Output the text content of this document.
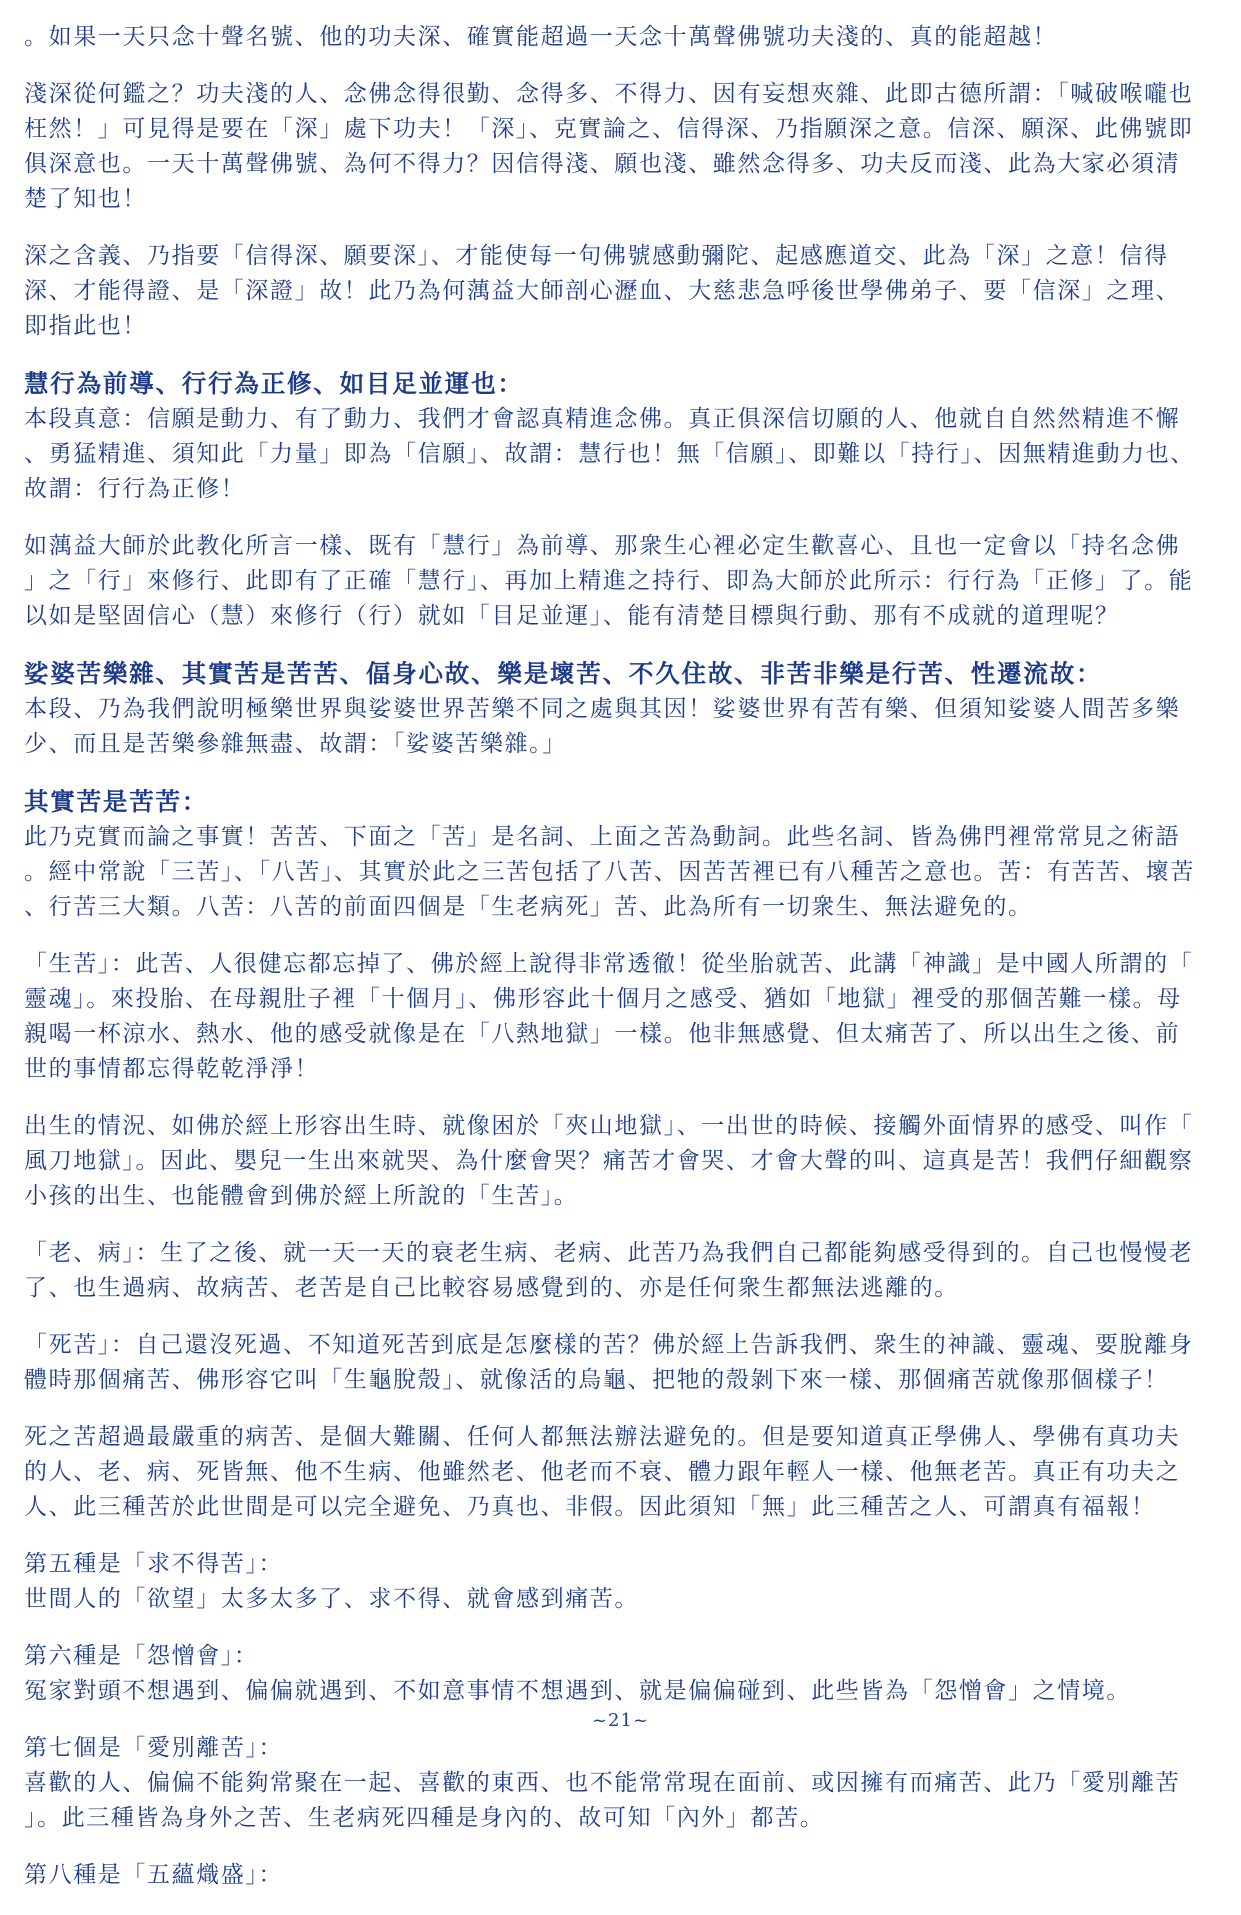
。如果一天只念十聲名號、他的功夫深、確實能超過一天念十萬聲佛號功夫淺的、真的能超越！
淺深從何鑑之？功夫淺的人、念佛念得很勤、念得多、不得力、因有妄想夾雜、此即古德所謂：「喊破喉嚨也
枉然！」可見得是要在「深」處下功夫！「深」、克實論之、信得深、乃指願深之意。信深、願深、此佛號即
俱深意也。一天十萬聲佛號、為何不得力？因信得淺、願也淺、雖然念得多、功夫反而淺、此為大家必須清
楚了知也！
深之含義、乃指要「信得深、願要深」、才能使每一句佛號感動彌陀、起感應道交、此為「深」之意！信得
深、才能得證、是「深證」故！此乃為何蕅益大師剖心瀝血、大慈悲急呼後世學佛弟子、要「信深」之理、
即指此也！
慧行為前導、行行為正修、如目足並運也：
本段真意：信願是動力、有了動力、我們才會認真精進念佛。真正俱深信切願的人、他就自自然然精進不懈
、勇猛精進、須知此「力量」即為「信願」、故謂：慧行也！無「信願」、即難以「持行」、因無精進動力也、
故謂：行行為正修！
如蕅益大師於此教化所言一樣、既有「慧行」為前導、那衆生心裡必定生歡喜心、且也一定會以「持名念佛
」之「行」來修行、此即有了正確「慧行」、再加上精進之持行、即為大師於此所示：行行為「正修」了。能
以如是堅固信心（慧）來修行（行）就如「目足並運」、能有清楚目標與行動、那有不成就的道理呢？
娑婆苦樂雜、其實苦是苦苦、偪身心故、樂是壞苦、不久住故、非苦非樂是行苦、性遷流故：
本段、乃為我們說明極樂世界與娑婆世界苦樂不同之處與其因！娑婆世界有苦有樂、但須知娑婆人間苦多樂
少、而且是苦樂參雜無盡、故謂：「娑婆苦樂雜。」
其實苦是苦苦：
此乃克實而論之事實！苦苦、下面之「苦」是名詞、上面之苦為動詞。此些名詞、皆為佛門裡常常見之術語
。經中常說「三苦」、「八苦」、其實於此之三苦包括了八苦、因苦苦裡已有八種苦之意也。苦：有苦苦、壞苦
、行苦三大類。八苦：八苦的前面四個是「生老病死」苦、此為所有一切衆生、無法避免的。
「生苦」：此苦、人很健忘都忘掉了、佛於經上說得非常透徹！從坐胎就苦、此講「神識」是中國人所謂的「
靈魂」。來投胎、在母親肚子裡「十個月」、佛形容此十個月之感受、猶如「地獄」裡受的那個苦難一樣。母
親喝一杯涼水、熱水、他的感受就像是在「八熱地獄」一樣。他非無感覺、但太痛苦了、所以出生之後、前
世的事情都忘得乾乾淨淨！
出生的情況、如佛於經上形容出生時、就像困於「夾山地獄」、一出世的時候、接觸外面情界的感受、叫作「
風刀地獄」。因此、嬰兒一生出來就哭、為什麼會哭？痛苦才會哭、才會大聲的叫、這真是苦！我們仔細觀察
小孩的出生、也能體會到佛於經上所說的「生苦」。
「老、病」：生了之後、就一天一天的衰老生病、老病、此苦乃為我們自己都能夠感受得到的。自己也慢慢老
了、也生過病、故病苦、老苦是自己比較容易感覺到的、亦是任何衆生都無法逃離的。
「死苦」：自己還沒死過、不知道死苦到底是怎麼樣的苦？佛於經上告訴我們、衆生的神識、靈魂、要脫離身
體時那個痛苦、佛形容它叫「生龜脫殼」、就像活的烏龜、把牠的殼剝下來一樣、那個痛苦就像那個樣子！
死之苦超過最嚴重的病苦、是個大難關、任何人都無法辦法避免的。但是要知道真正學佛人、學佛有真功夫
的人、老、病、死皆無、他不生病、他雖然老、他老而不衰、體力跟年輕人一樣、他無老苦。真正有功夫之
人、此三種苦於此世間是可以完全避免、乃真也、非假。因此須知「無」此三種苦之人、可謂真有福報！
第五種是「求不得苦」：
世間人的「欲望」太多太多了、求不得、就會感到痛苦。
第六種是「怨憎會」：
冤家對頭不想遇到、偏偏就遇到、不如意事情不想遇到、就是偏偏碰到、此些皆為「怨憎會」之情境。
第七個是「愛別離苦」：
喜歡的人、偏偏不能夠常聚在一起、喜歡的東西、也不能常常現在面前、或因擁有而痛苦、此乃「愛別離苦
」。此三種皆為身外之苦、生老病死四種是身內的、故可知「內外」都苦。
第八種是「五蘊熾盛」：
~21~
